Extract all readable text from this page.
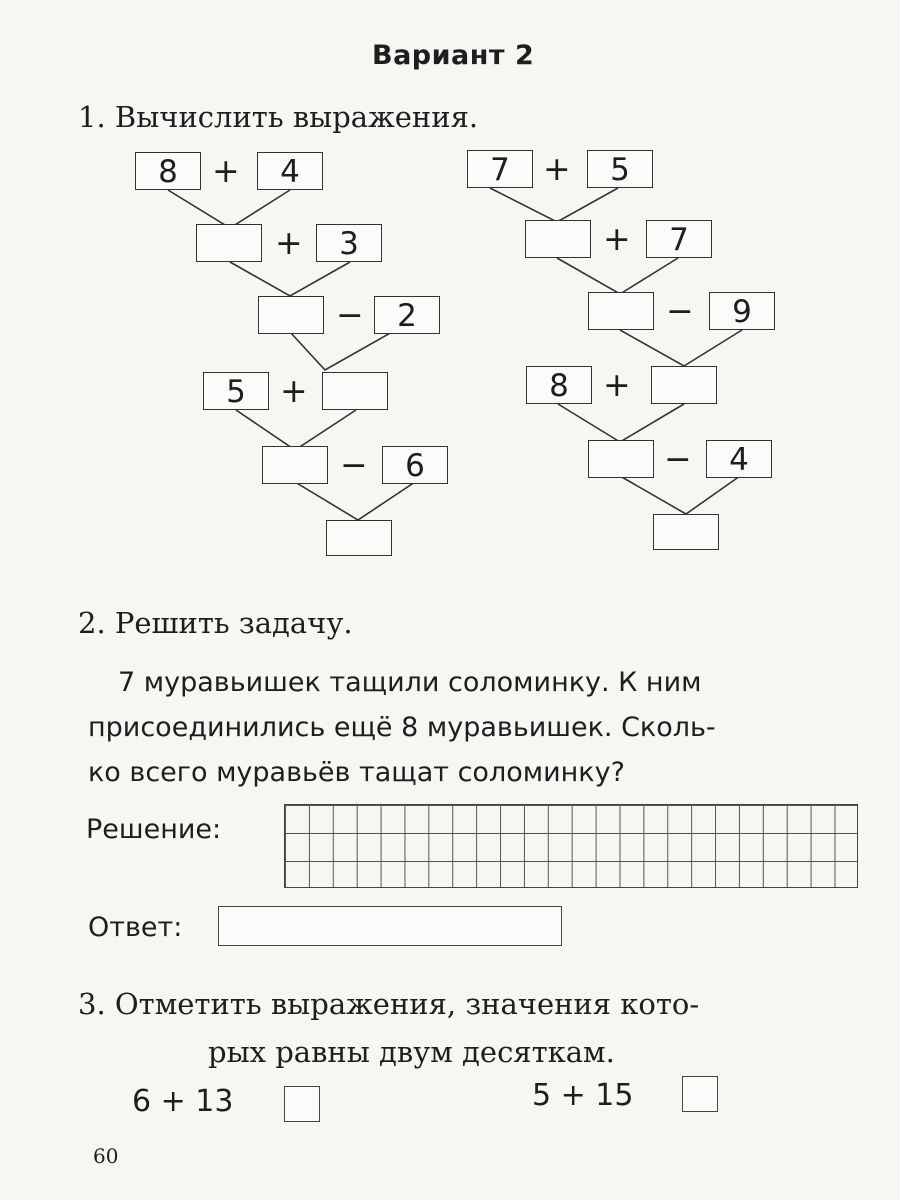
Вариант 2
1. Вычислить выражения.
8	+	4
+	3
−	2
5	+
−	6
7	+	5
+	7
−	9
8	+
−	4
2. Решить задачу.
7 муравьишек тащили соломинку. К ним
присоединились ещё 8 муравьишек. Сколь-
ко всего муравьёв тащат соломинку?
Решение:
Ответ:
3. Отметить выражения, значения кото-
рых равны двум десяткам.
6 + 13	5 + 15
60
